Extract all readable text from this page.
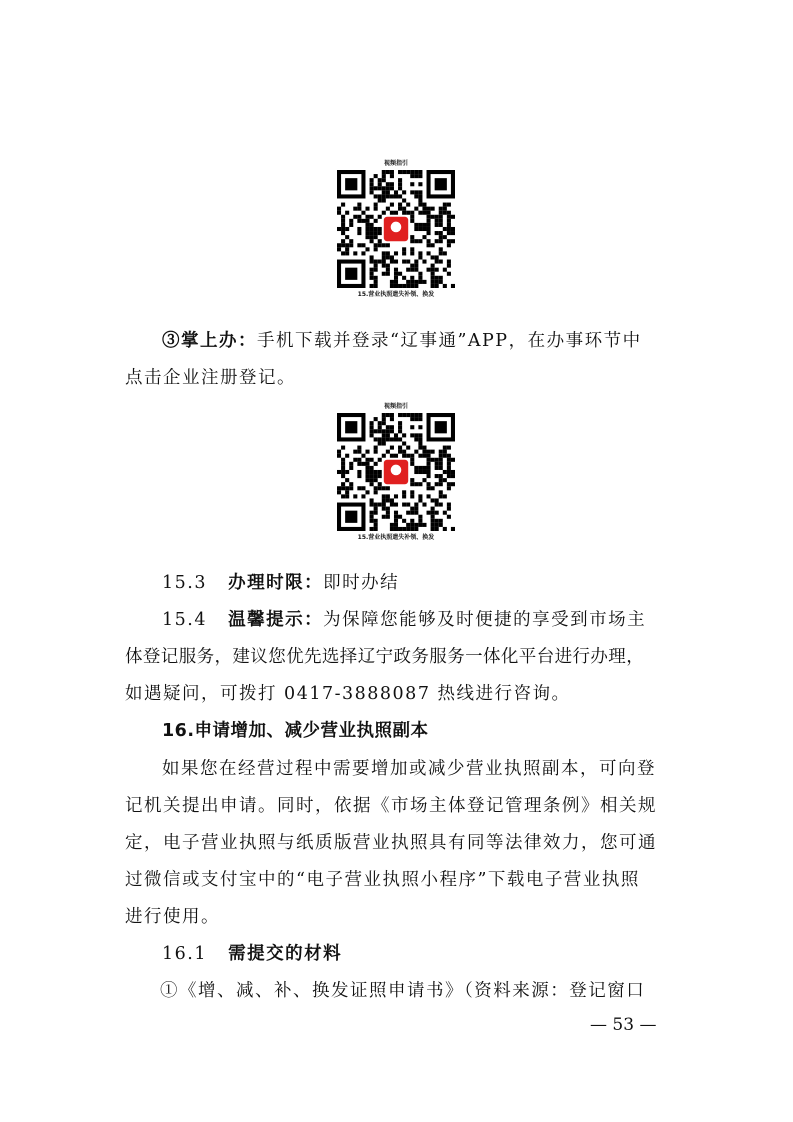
视频指引
15.营业执照遗失补领、换发
③掌上办：手机下载并登录“辽事通”APP，在办事环节中
点击企业注册登记。
视频指引
15.营业执照遗失补领、换发
15.3 办理时限：即时办结
15.4 温馨提示：为保障您能够及时便捷的享受到市场主
体登记服务，建议您优先选择辽宁政务服务一体化平台进行办理，
如遇疑问，可拨打 0417-3888087 热线进行咨询。
16.申请增加、减少营业执照副本
如果您在经营过程中需要增加或减少营业执照副本，可向登
记机关提出申请。同时，依据《市场主体登记管理条例》相关规
定，电子营业执照与纸质版营业执照具有同等法律效力，您可通
过微信或支付宝中的“电子营业执照小程序”下载电子营业执照
进行使用。
16.1 需提交的材料
①《增、减、补、换发证照申请书》（资料来源：登记窗口
— 53 —
